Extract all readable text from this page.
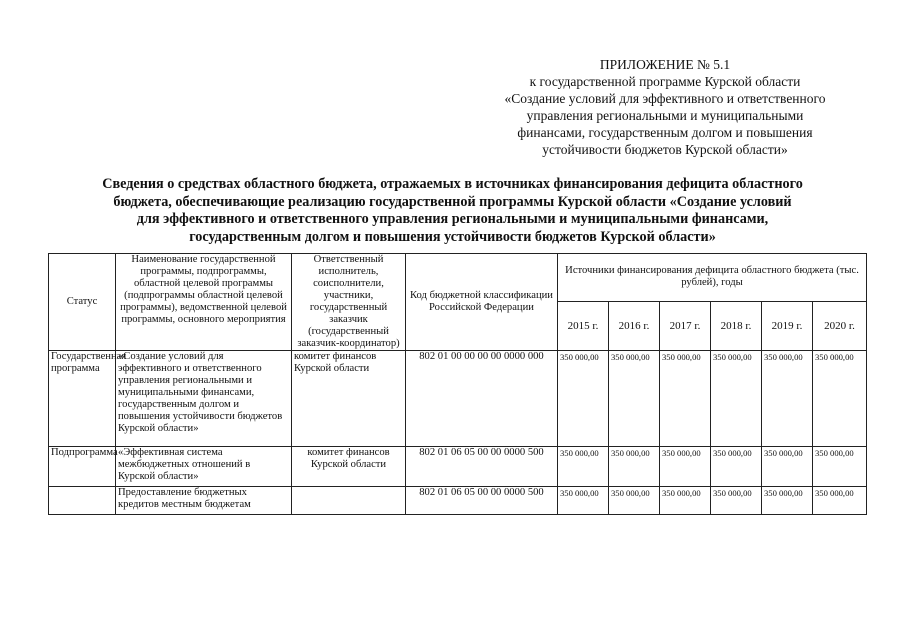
ПРИЛОЖЕНИЕ № 5.1
к государственной программе Курской области
«Создание условий для эффективного и ответственного
управления региональными и муниципальными
финансами, государственным долгом и повышения
устойчивости бюджетов Курской области»
Сведения о средствах областного бюджета, отражаемых в источниках финансирования дефицита областного
бюджета, обеспечивающие реализацию государственной программы Курской области «Создание условий
для эффективного и ответственного управления региональными и муниципальными финансами,
государственным долгом и повышения устойчивости бюджетов Курской области»
Статус	Наименование государственной программы, подпрограммы, областной целевой программы (подпрограммы областной целевой программы), ведомственной целевой программы, основного мероприятия	Ответственный исполнитель, соисполнители, участники, государственный заказчик (государственный заказчик-координатор)	Код бюджетной классификации Российской Федерации	Источники финансирования дефицита областного бюджета (тыс. рублей), годы					
				2015 г.	2016 г.	2017 г.	2018 г.	2019 г.	2020 г.
Государственная программа	«Создание условий для эффективного и ответственного управления региональными и муниципальными финансами, государственным долгом и повышения устойчивости бюджетов Курской области»	комитет финансов Курской области	802 01 00 00 00 00 0000 000	350 000,00	350 000,00	350 000,00	350 000,00	350 000,00	350 000,00
Подпрограмма	«Эффективная система межбюджетных отношений в Курской области»	комитет финансов Курской области	802 01 06 05 00 00 0000 500	350 000,00	350 000,00	350 000,00	350 000,00	350 000,00	350 000,00
	Предоставление бюджетных кредитов местным бюджетам		802 01 06 05 00 00 0000 500	350 000,00	350 000,00	350 000,00	350 000,00	350 000,00	350 000,00
